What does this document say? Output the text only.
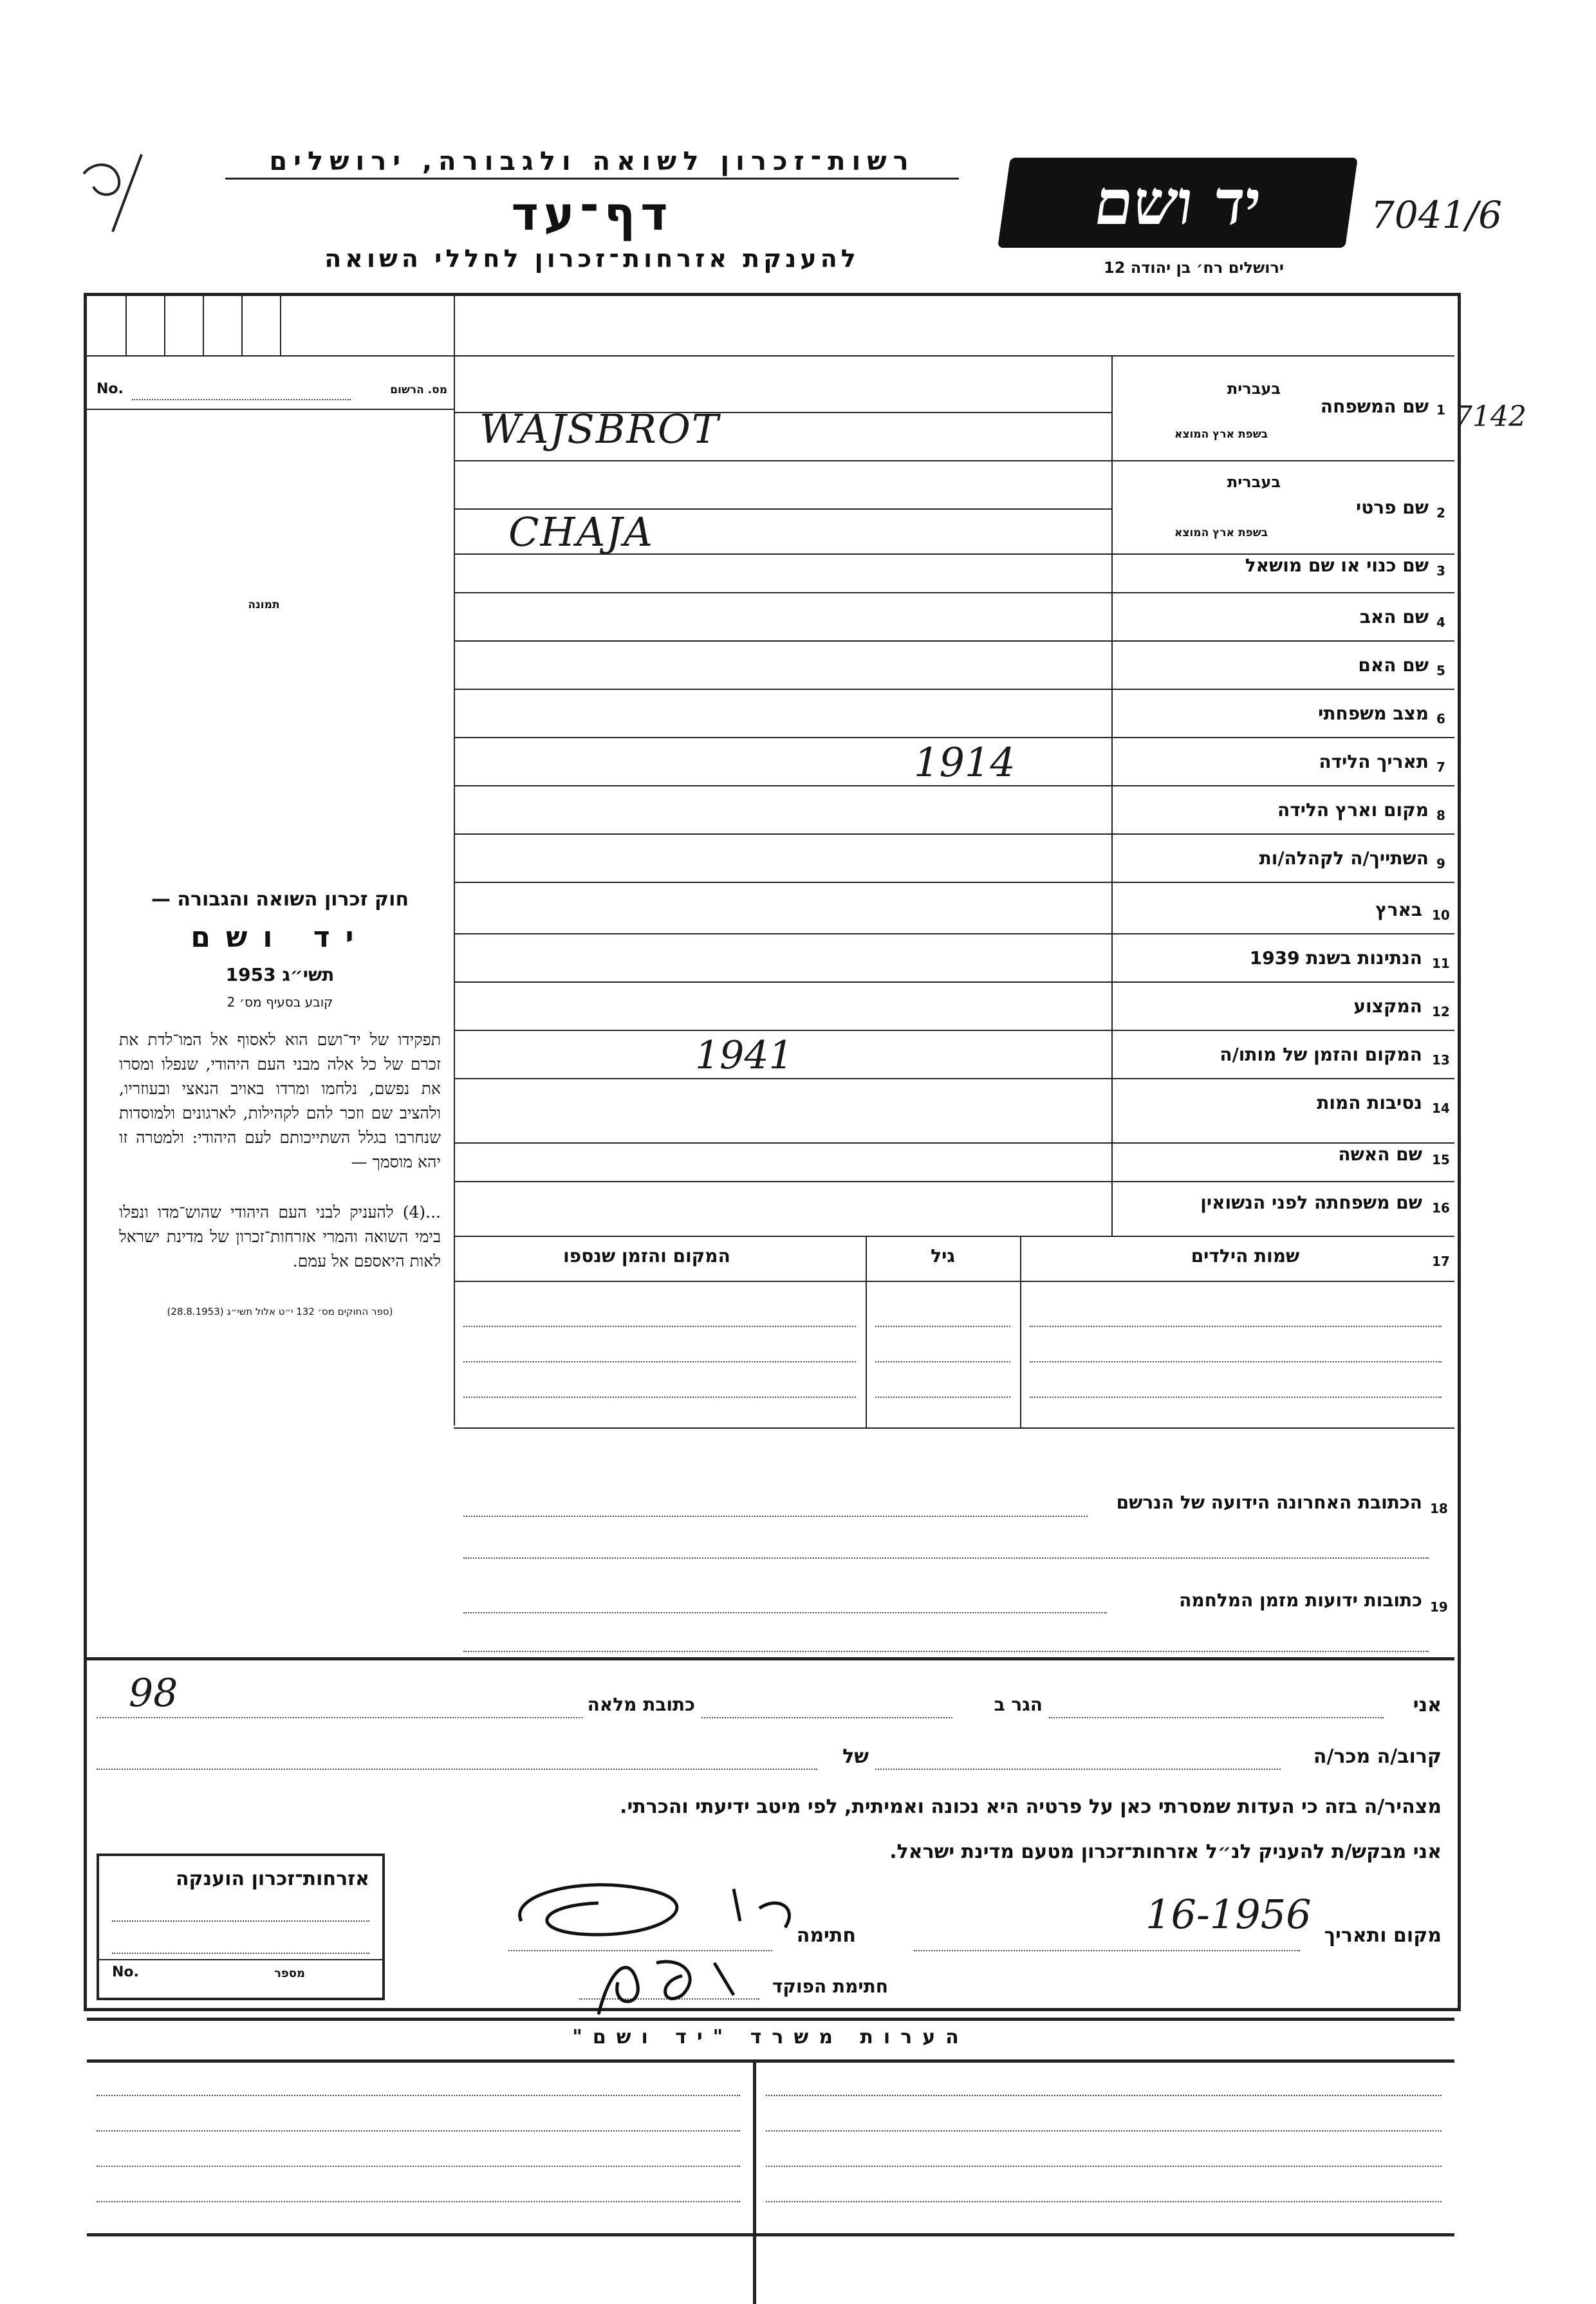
רשות־זכרון לשואה ולגבורה, ירושלים
דף־עד
להענקת אזרחות־זכרון לחללי השואה
יד ושם
ירושלים רח׳ בן יהודה 12
7041/6
7142
No.	מס. הרשום
תמונה
1
שם המשפחה
בעברית
בשפת ארץ המוצא
WAJSBROT
2
שם פרטי
בעברית
בשפת ארץ המוצא
CHAJA
3
שם כנוי או שם מושאל
4
שם האב
5
שם האם
6
מצב משפחתי
7
תאריך הלידה
1914
8
מקום וארץ הלידה
9
השתייך/ה לקהלה/ות
10
בארץ
11
הנתינות בשנת 1939
12
המקצוע
13
המקום והזמן של מותו/ה
1941
14
נסיבות המות
15
שם האשה
16
שם משפחתה לפני הנשואין
17
שמות הילדים
גיל
המקום והזמן שנספו
18
הכתובת האחרונה הידועה של הנרשם
19
כתובות ידועות מזמן המלחמה
חוק זכרון השואה והגבורה —
יד ושם
תשי״ג 1953
קובע בסעיף מס׳ 2
תפקידו של יד־ושם הוא לאסוף אל המו־לדת את זכרם של כל אלה מבני העם היהודי, שנפלו ומסרו את נפשם, נלחמו ומרדו באויב הנאצי ובעוזריו, ולהציב שם וזכר להם לקהילות, לארגונים ולמוסדות שנחרבו בגלל השתייכותם לעם היהודי: ולמטרה זו יהא מוסמך —
...(4) להעניק לבני העם היהודי שהוש־מדו ונפלו בימי השואה והמרי אזרחות־זכרון של מדינת ישראל לאות היאספם אל עמם.
(ספר החוקים מס׳ 132 י״ט אלול תשי״ג (28.8.1953)
אני
הגר ב
כתובת מלאה
98
קרוב/ה מכר/ה
של
מצהיר/ה בזה כי העדות שמסרתי כאן על פרטיה היא נכונה ואמיתית, לפי מיטב ידיעתי והכרתי.
אני מבקש/ת להעניק לנ״ל אזרחות־זכרון מטעם מדינת ישראל.
מקום ותאריך
16-1956
חתימה
חתימת הפוקד
אזרחות־זכרון הוענקה
No.	מספר
הערות משרד "יד ושם"
